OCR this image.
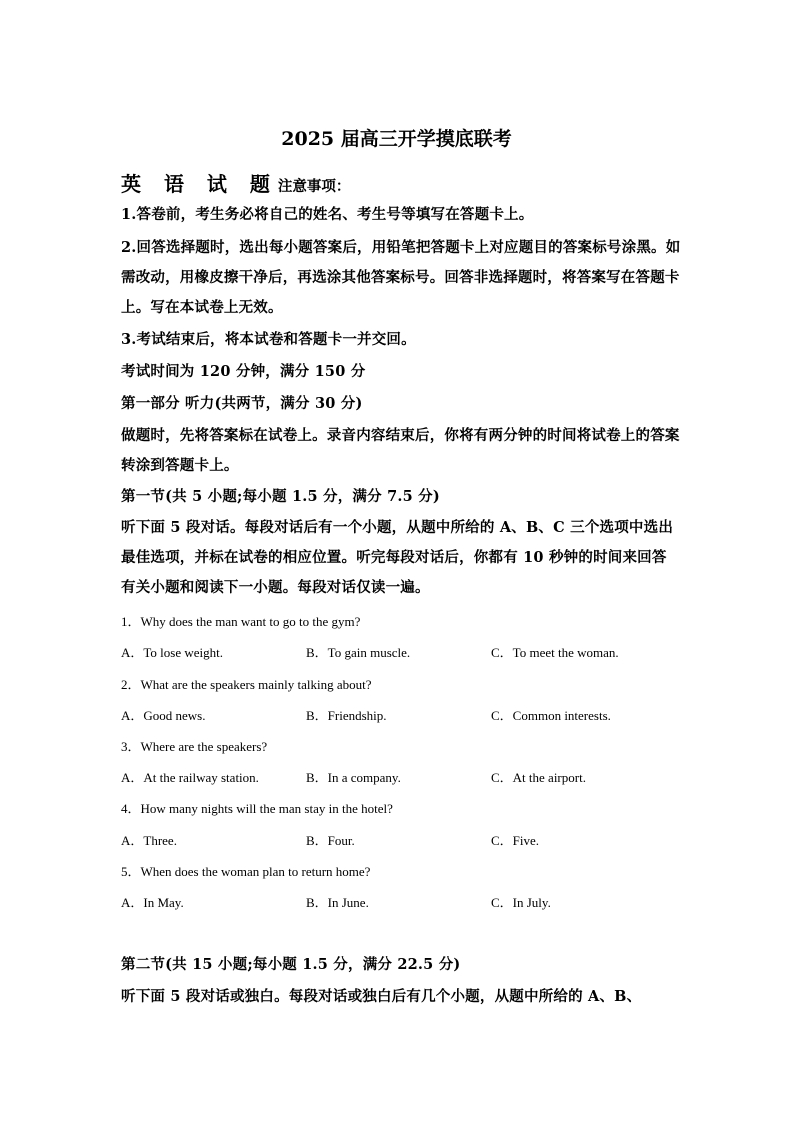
2025 届高三开学摸底联考
英 语 试 题注意事项：
1.答卷前，考生务必将自己的姓名、考生号等填写在答题卡上。
2.回答选择题时，选出每小题答案后，用铅笔把答题卡上对应题目的答案标号涂黑。如需改动，用橡皮擦干净后，再选涂其他答案标号。回答非选择题时，将答案写在答题卡上。写在本试卷上无效。
3.考试结束后，将本试卷和答题卡一并交回。
考试时间为 120 分钟，满分 150 分
第一部分 听力(共两节，满分 30 分)
做题时，先将答案标在试卷上。录音内容结束后，你将有两分钟的时间将试卷上的答案转涂到答题卡上。
第一节(共 5 小题;每小题 1.5 分，满分 7.5 分)
听下面 5 段对话。每段对话后有一个小题，从题中所给的 A、B、C 三个选项中选出最佳选项，并标在试卷的相应位置。听完每段对话后，你都有 10 秒钟的时间来回答有关小题和阅读下一小题。每段对话仅读一遍。
1．Why does the man want to go to the gym?
A．To lose weight.	B．To gain muscle.	C．To meet the woman.
2．What are the speakers mainly talking about?
A．Good news.	B．Friendship.	C．Common interests.
3．Where are the speakers?
A．At the railway station.	B．In a company.	C．At the airport.
4．How many nights will the man stay in the hotel?
A．Three.	B．Four.	C．Five.
5．When does the woman plan to return home?
A．In May.	B．In June.	C．In July.
第二节(共 15 小题;每小题 1.5 分，满分 22.5 分)
听下面 5 段对话或独白。每段对话或独白后有几个小题，从题中所给的 A、B、
